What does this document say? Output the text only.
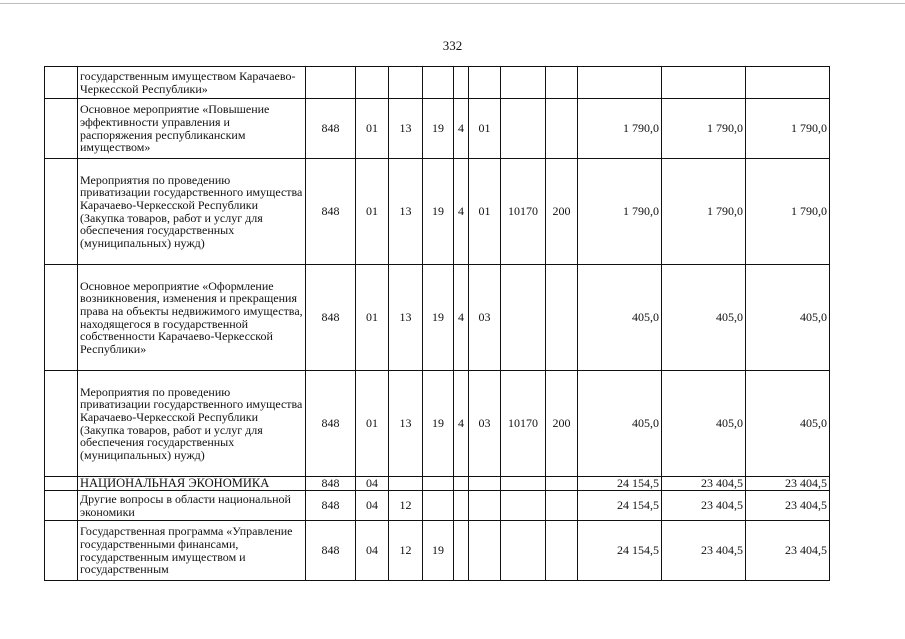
332
	государственным имуществом Карачаево-Черкесской Республики»											
	Основное мероприятие «Повышение эффективности управления и распоряжения республиканским имуществом»	848	01	13	19	4	01			1 790,0	1 790,0	1 790,0
	Мероприятия по проведению приватизации государственного имущества Карачаево-Черкесской Республики (Закупка товаров, работ и услуг для обеспечения государственных (муниципальных) нужд)	848	01	13	19	4	01	10170	200	1 790,0	1 790,0	1 790,0
	Основное мероприятие «Оформление возникновения, изменения и прекращения права на объекты недвижимого имущества, находящегося в государственной собственности Карачаево-Черкесской Республики»	848	01	13	19	4	03			405,0	405,0	405,0
	Мероприятия по проведению приватизации государственного имущества Карачаево-Черкесской Республики (Закупка товаров, работ и услуг для обеспечения государственных (муниципальных) нужд)	848	01	13	19	4	03	10170	200	405,0	405,0	405,0
	НАЦИОНАЛЬНАЯ ЭКОНОМИКА	848	04							24 154,5	23 404,5	23 404,5
	Другие вопросы в области национальной экономики	848	04	12						24 154,5	23 404,5	23 404,5
	Государственная программа «Управление государственными финансами, государственным имуществом и государственным	848	04	12	19					24 154,5	23 404,5	23 404,5
